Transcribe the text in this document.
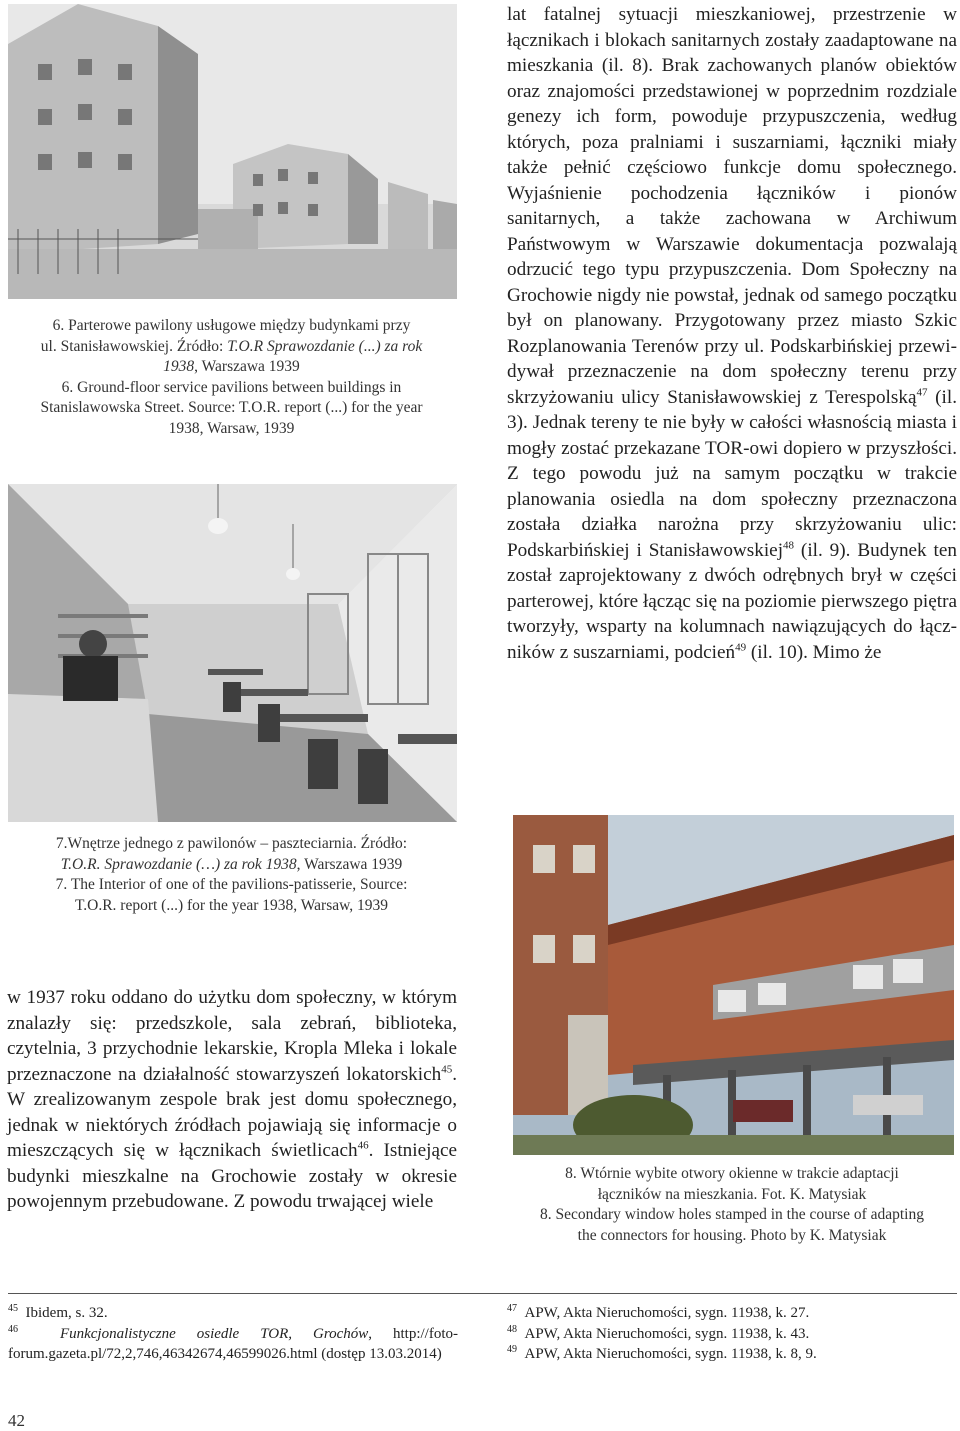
6. Parterowe pawilony usługowe między budynkami przy

ul. Stanisławowskiej. Źródło: T.O.R Sprawozdanie (...) za rok

1938, Warszawa 1939

6. Ground-floor service pavilions between buildings in

Stanislawowska Street. Source: T.O.R. report (...) for the year

1938, Warsaw, 1939

7.Wnętrze jednego z pawilonów – paszteciarnia. Źródło:

T.O.R. Sprawozdanie (…) za rok 1938, Warszawa 1939

7. The Interior of one of the pavilions-patisserie, Source:

T.O.R. report (...) for the year 1938, Warsaw, 1939

8. Wtórnie wybite otwory okienne w trakcie adaptacji

łączników na mieszkania. Fot. K. Matysiak

8. Secondary window holes stamped in the course of adapting

the connectors for housing. Photo by K. Matysiak

lat fatalnej sytuacji mieszkaniowej, przestrzenie w łącznikach i blokach sanitarnych zostały zaadaptowane na mieszkania (il. 8). Brak zachowanych planów obiektów oraz znajomości przedstawionej w poprzednim rozdziale genezy ich form, powoduje przypuszczenia, według których, poza pralniami i suszarniami, łączniki miały także pełnić częściowo funkcje domu społecznego. Wyjaśnienie pochodzenia łączników i pionów sanitarnych, a także zachowana w Archiwum Państwowym w Warszawie dokumentacja pozwalają odrzucić tego typu przypuszczenia. Dom Społeczny na Grochowie nigdy nie powstał, jednak od samego początku był on planowany. Przygotowany przez miasto Szkic Rozplanowania Terenów przy ul. Podskarbińskiej przewidywał przeznaczenie na dom społeczny terenu przy skrzyżowaniu ulicy Stanisławowskiej z Terespolską$^{47}$ (il. 3). Jednak tereny te nie były w całości własnością miasta i mogły zostać przekazane TOR-owi dopiero w przyszłości. Z tego powodu już na samym początku w trakcie planowania osiedla na dom społeczny przeznaczona została działka narożna przy skrzyżowaniu ulic: Podskarbińskiej i Stanisławowskiej$^{48}$ (il. 9). Budynek ten został zaprojektowany z dwóch odrębnych brył w części parterowej, które łącząc się na poziomie pierwszego piętra tworzyły, wsparty na kolumnach nawiązujących do łączników z suszarniami, podcień$^{49}$ (il. 10). Mimo że

w 1937 roku oddano do użytku dom społeczny, w którym znalazły się: przedszkole, sala zebrań, biblioteka, czytelnia, 3 przychodnie lekarskie, Kropla Mleka i lokale przeznaczone na działalność stowarzyszeń lokatorskich$^{45}$. W zrealizowanym zespole brak jest domu społecznego, jednak w niektórych źródłach pojawiają się informacje o mieszczących się w łącznikach świetlicach$^{46}$. Istniejące budynki mieszkalne na Grochowie zostały w okresie powojennym przebudowane. Z powodu trwającej wiele

$^{45}$ Ibidem, s. 32.

$^{46}$	Funkcjonalistyczne osiedle TOR, Grochów, http://fotoforum.gazeta.pl/72,2,746,46342674,46599026.html (dostęp 13.03.2014)

$^{47}$ APW, Akta Nieruchomości, sygn. 11938, k. 27.

$^{48}$ APW, Akta Nieruchomości, sygn. 11938, k. 43.

$^{49}$ APW, Akta Nieruchomości, sygn. 11938, k. 8, 9.

42
